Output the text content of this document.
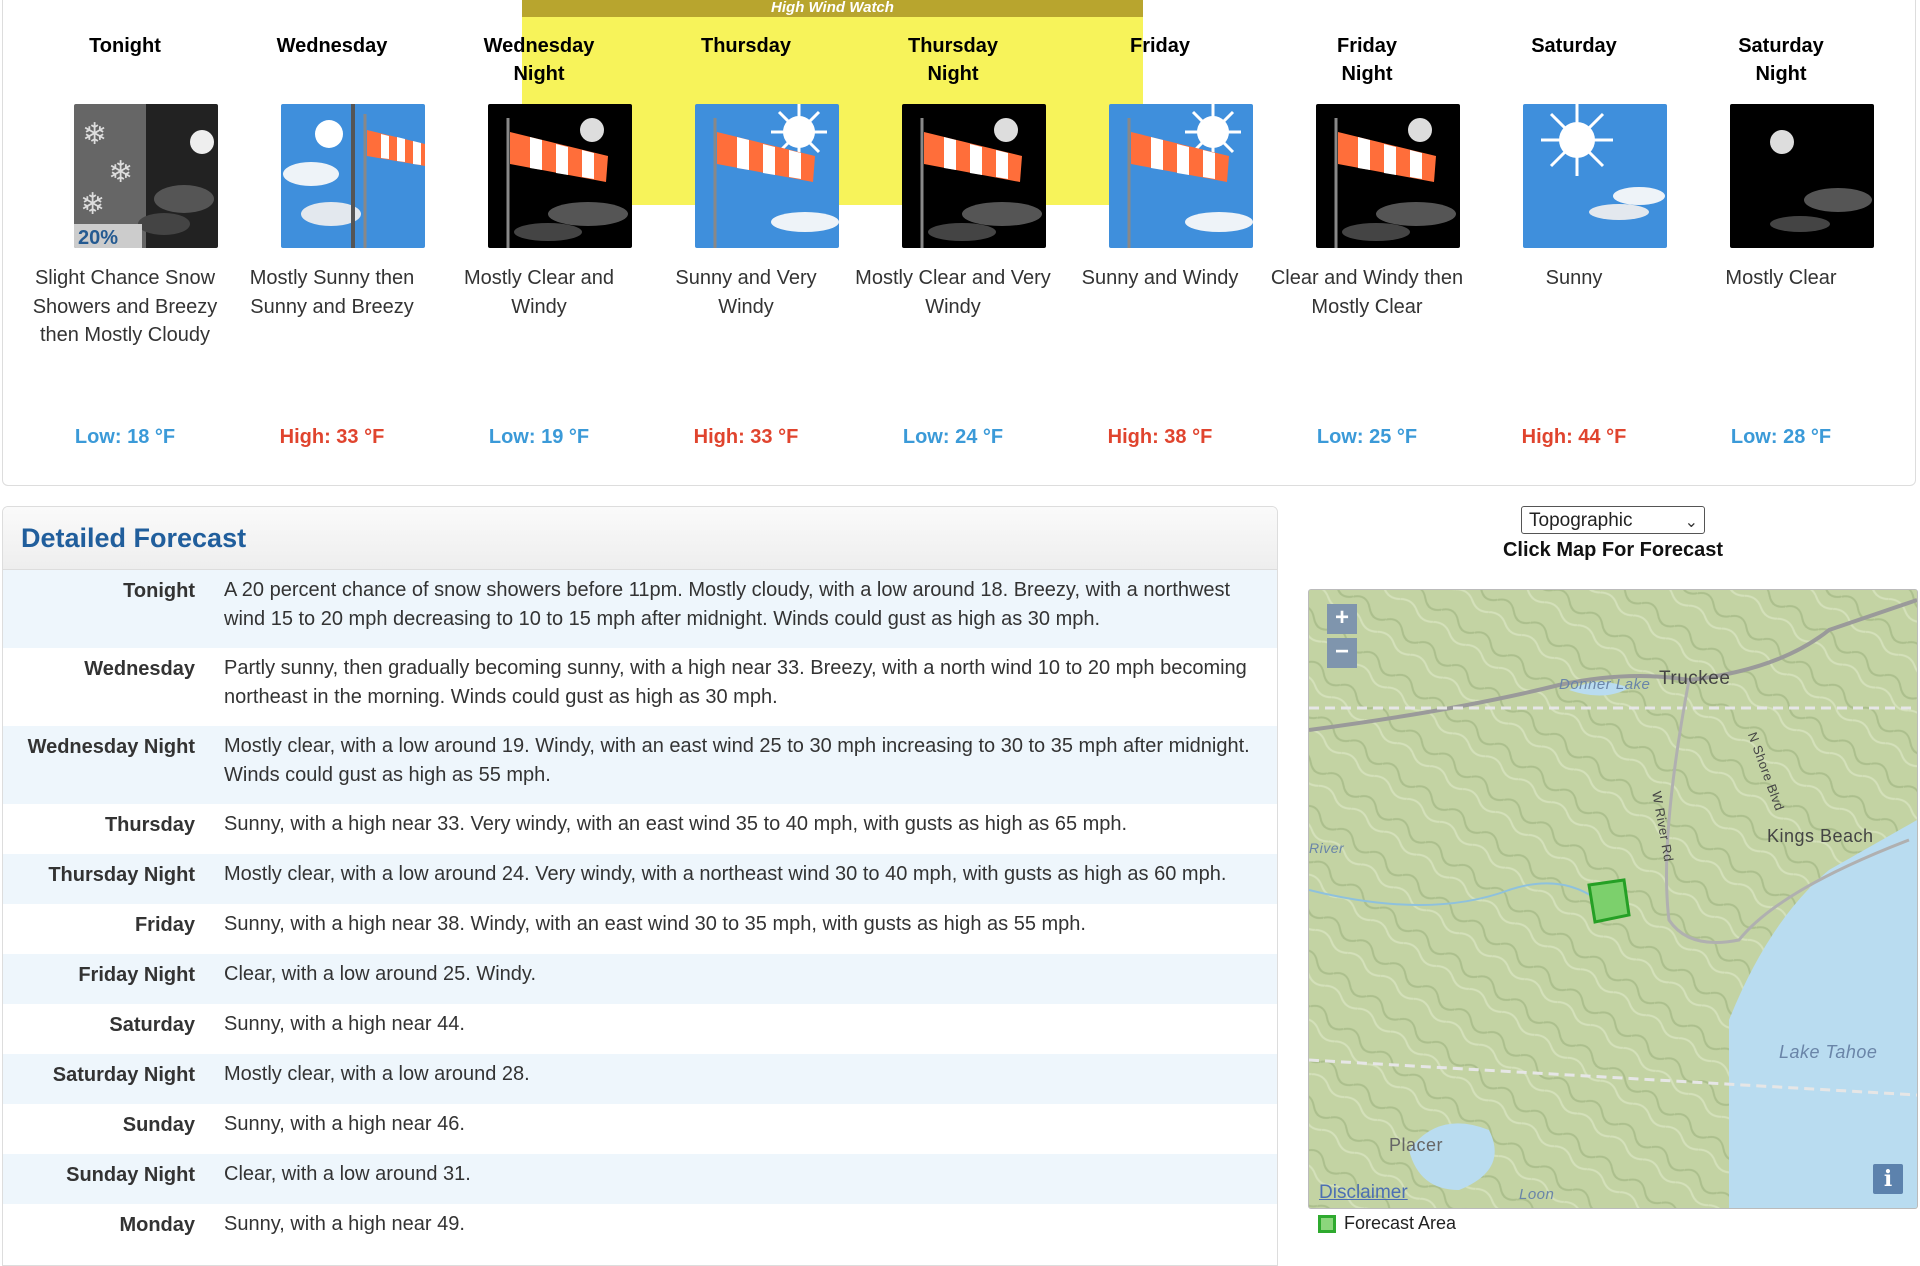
High Wind Watch
Tonight
❄
❄
❄
20%
Slight Chance Snow Showers and Breezy then Mostly Cloudy
Low: 18 °F
Wednesday
Mostly Sunny then Sunny and Breezy
High: 33 °F
Wednesday
Night
Mostly Clear and Windy
Low: 19 °F
Thursday
Sunny and Very Windy
High: 33 °F
Thursday
Night
Mostly Clear and Very Windy
Low: 24 °F
Friday
Sunny and Windy
High: 38 °F
Friday
Night
Clear and Windy then Mostly Clear
Low: 25 °F
Saturday
Sunny
High: 44 °F
Saturday
Night
Mostly Clear
Low: 28 °F
Detailed Forecast
Tonight A 20 percent chance of snow showers before 11pm. Mostly cloudy, with a low around 18. Breezy, with a northwest wind 15 to 20 mph decreasing to 10 to 15 mph after midnight. Winds could gust as high as 30 mph.
Wednesday Partly sunny, then gradually becoming sunny, with a high near 33. Breezy, with a north wind 10 to 20 mph becoming northeast in the morning. Winds could gust as high as 30 mph.
Wednesday Night Mostly clear, with a low around 19. Windy, with an east wind 25 to 30 mph increasing to 30 to 35 mph after midnight. Winds could gust as high as 55 mph.
Thursday Sunny, with a high near 33. Very windy, with an east wind 35 to 40 mph, with gusts as high as 65 mph.
Thursday Night Mostly clear, with a low around 24. Very windy, with a northeast wind 30 to 40 mph, with gusts as high as 60 mph.
Friday Sunny, with a high near 38. Windy, with an east wind 30 to 35 mph, with gusts as high as 55 mph.
Friday Night Clear, with a low around 25. Windy.
Saturday Sunny, with a high near 44.
Saturday Night Mostly clear, with a low around 28.
Sunday Sunny, with a high near 46.
Sunday Night Clear, with a low around 31.
Monday Sunny, with a high near 49.
Topographic	⌄
Click Map For Forecast
+
−
Truckee
Donner Lake
Kings Beach
Lake Tahoe
Placer
N Shore Blvd
W River Rd
River
Loon
Disclaimer
i
Forecast Area
